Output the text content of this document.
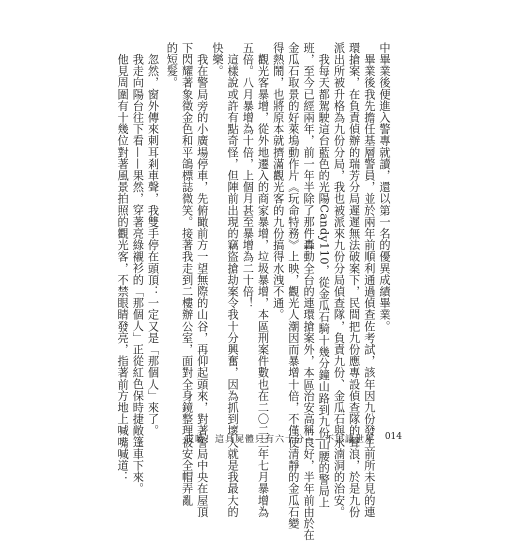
中畢業後便進入警專就讀，還以第一名的優異成績畢業。
　畢業後我先擔任基層警員，並於兩年前順利通過偵查佐考試，該年因九份發生前所未見的連
環搶案，在負責偵辦的瑞芳分局遲遲無法破案下，民間把九份應專設偵查隊的聲浪，於是九份
派出所被升格為九份分局，我也被派來九份分局偵查隊，負責九份、金瓜石與水湳洞的治安。
　我每天都駕駛這台藍色的光陽Candy110，從金瓜石騎十幾分鐘山路到九份山腰的警局上
班，至今已經兩年，前一年半除了那件轟動全台的連環搶案外，本區治安高稱良好，半年前由於在
金瓜石取景的好萊塢動作片《玩命特務》上映，觀光人潮因而暴增十倍，不僅使清靜的金瓜石變
得熱鬧，也將原本就擠滿觀光客的九份搞得水洩不通。
　觀光客暴增，從外地遷入的商家暴增，垃圾暴增，本區刑案件數也在二〇二三年七月暴增為
五倍。八月暴增為十倍，上個月甚至暴增為二十倍！
　這樣說或許有點奇怪，但陣前出現的竊盜搶劫案令我十分興奮，因為抓到壞人就是我最大的
快樂。
　我在警局旁的小廣場停車，先俯瞰前方一望無際的山谷，再仰起頭來，對著警局中央在屋頂
下閃耀著象徵金色和平鴿標誌微笑。接著我走到二樓辦公室，面對全身鏡整理被安全帽弄亂
的短髮。
　忽然，窗外傳來刺耳剎車聲，我雙手停在頭頂：一定又是「那個人」來了。
　我走向陽台往下看——果然，穿著亮綠襯衫的「那個人」正從紅色保時捷敞篷車下來。
　他見周圍有十幾位對著風景拍照的觀光客，不禁眼睛發亮，指著前方地上喊嘴喊道：	哎喲！這具屍體只有六十分——不思議世界 014
